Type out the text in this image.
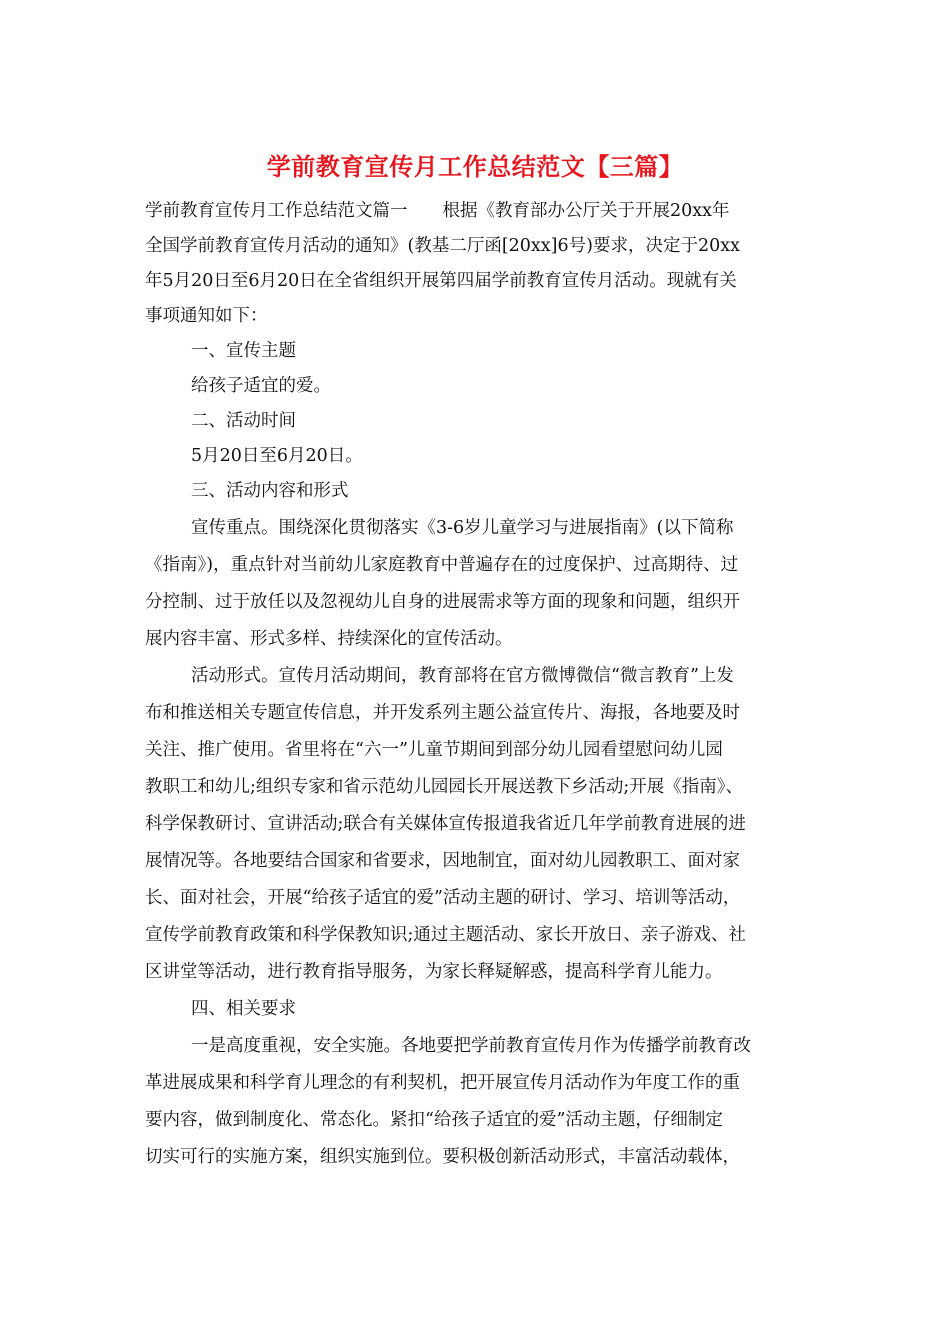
学前教育宣传月工作总结范文【三篇】
学前教育宣传月工作总结范文篇一　　根据《教育部办公厅关于开展20xx年
全国学前教育宣传月活动的通知》(教基二厅函[20xx]6号)要求，决定于20xx
年5月20日至6月20日在全省组织开展第四届学前教育宣传月活动。现就有关
事项通知如下：
一、宣传主题
给孩子适宜的爱。
二、活动时间
5月20日至6月20日。
三、活动内容和形式
宣传重点。围绕深化贯彻落实《3-6岁儿童学习与进展指南》(以下简称
《指南》)，重点针对当前幼儿家庭教育中普遍存在的过度保护、过高期待、过
分控制、过于放任以及忽视幼儿自身的进展需求等方面的现象和问题，组织开
展内容丰富、形式多样、持续深化的宣传活动。
活动形式。宣传月活动期间，教育部将在官方微博微信“微言教育”上发
布和推送相关专题宣传信息，并开发系列主题公益宣传片、海报，各地要及时
关注、推广使用。省里将在“六一”儿童节期间到部分幼儿园看望慰问幼儿园
教职工和幼儿;组织专家和省示范幼儿园园长开展送教下乡活动;开展《指南》、
科学保教研讨、宣讲活动;联合有关媒体宣传报道我省近几年学前教育进展的进
展情况等。各地要结合国家和省要求，因地制宜，面对幼儿园教职工、面对家
长、面对社会，开展“给孩子适宜的爱”活动主题的研讨、学习、培训等活动，
宣传学前教育政策和科学保教知识;通过主题活动、家长开放日、亲子游戏、社
区讲堂等活动，进行教育指导服务，为家长释疑解惑，提高科学育儿能力。
四、相关要求
一是高度重视，安全实施。各地要把学前教育宣传月作为传播学前教育改
革进展成果和科学育儿理念的有利契机，把开展宣传月活动作为年度工作的重
要内容，做到制度化、常态化。紧扣“给孩子适宜的爱”活动主题，仔细制定
切实可行的实施方案，组织实施到位。要积极创新活动形式，丰富活动载体，
